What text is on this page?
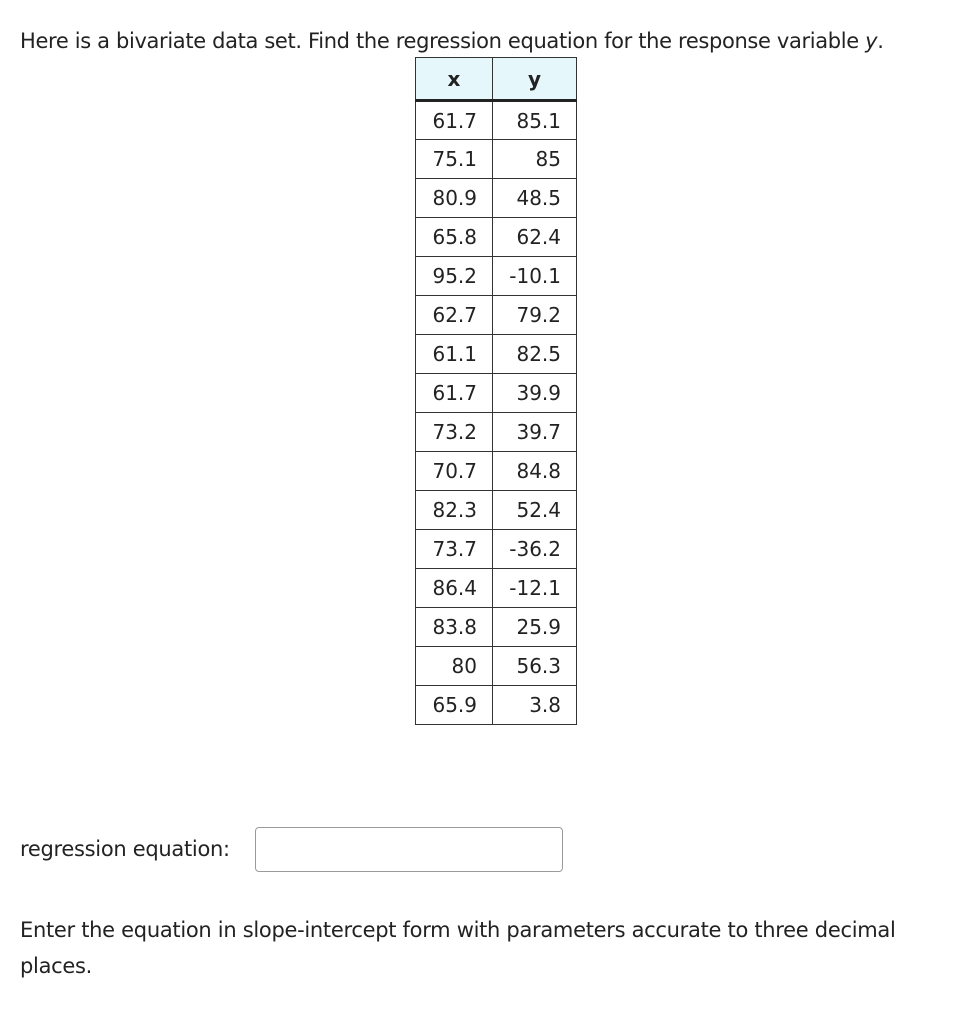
Here is a bivariate data set. Find the regression equation for the response variable y.
x	y
61.7	85.1
75.1	85
80.9	48.5
65.8	62.4
95.2	-10.1
62.7	79.2
61.1	82.5
61.7	39.9
73.2	39.7
70.7	84.8
82.3	52.4
73.7	-36.2
86.4	-12.1
83.8	25.9
80	56.3
65.9	3.8
regression equation:
Enter the equation in slope-intercept form with parameters accurate to three decimal places.
